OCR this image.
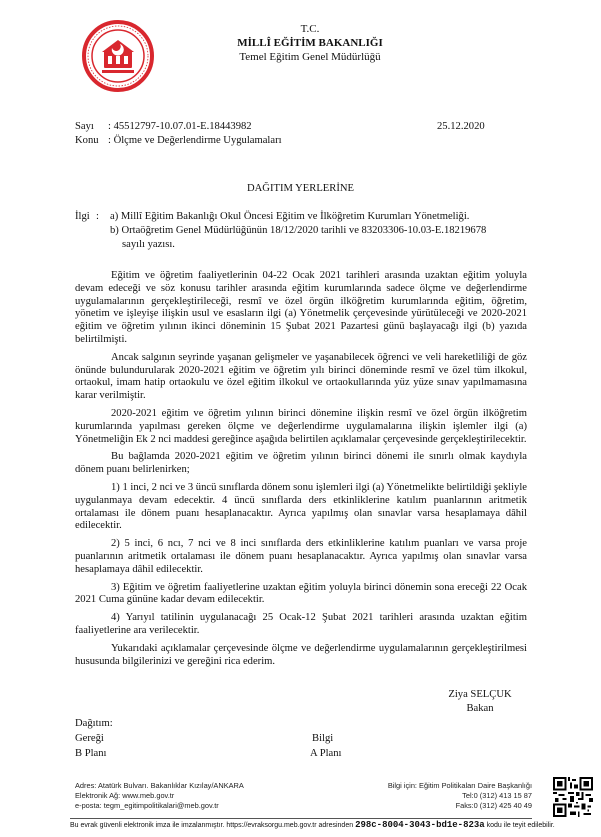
T.C.
MİLLÎ EĞİTİM BAKANLIĞI
Temel Eğitim Genel Müdürlüğü
Sayı : 45512797-10.07.01-E.18443982	25.12.2020
Konu : Ölçme ve Değerlendirme Uygulamaları
DAĞITIM YERLERİNE
İlgi : a) Millî Eğitim Bakanlığı Okul Öncesi Eğitim ve İlköğretim Kurumları Yönetmeliği.
b) Ortaöğretim Genel Müdürlüğünün 18/12/2020 tarihli ve 83203306-10.03-E.18219678
sayılı yazısı.

Eğitim ve öğretim faaliyetlerinin 04-22 Ocak 2021 tarihleri arasında uzaktan eğitim yoluyla devam edeceği ve söz konusu tarihler arasında eğitim kurumlarında sadece ölçme ve değerlendirme uygulamalarının gerçekleştirileceği, resmî ve özel örgün ilköğretim kurumlarında eğitim, öğretim, yönetim ve işleyişe ilişkin usul ve esasların ilgi (a) Yönetmelik çerçevesinde yürütüleceği ve 2020-2021 eğitim ve öğretim yılının ikinci döneminin 15 Şubat 2021 Pazartesi günü başlayacağı ilgi (b) yazıda belirtilmişti.

Ancak salgının seyrinde yaşanan gelişmeler ve yaşanabilecek öğrenci ve veli hareketliliği de göz önünde bulundurularak 2020-2021 eğitim ve öğretim yılı birinci döneminde resmî ve özel tüm ilkokul, ortaokul, imam hatip ortaokulu ve özel eğitim ilkokul ve ortaokullarında yüz yüze sınav yapılmamasına karar verilmiştir.

2020-2021 eğitim ve öğretim yılının birinci dönemine ilişkin resmî ve özel örgün ilköğretim kurumlarında yapılması gereken ölçme ve değerlendirme uygulamalarına ilişkin işlemler ilgi (a) Yönetmeliğin Ek 2 nci maddesi gereğince aşağıda belirtilen açıklamalar çerçevesinde gerçekleştirilecektir.

Bu bağlamda 2020-2021 eğitim ve öğretim yılının birinci dönemi ile sınırlı olmak kaydıyla dönem puanı belirlenirken;

1) 1 inci, 2 nci ve 3 üncü sınıflarda dönem sonu işlemleri ilgi (a) Yönetmelikte belirtildiği şekliyle uygulanmaya devam edecektir. 4 üncü sınıflarda ders etkinliklerine katılım puanlarının aritmetik ortalaması ile dönem puanı hesaplanacaktır. Ayrıca yapılmış olan sınavlar varsa hesaplamaya dâhil edilecektir.

2) 5 inci, 6 ncı, 7 nci ve 8 inci sınıflarda ders etkinliklerine katılım puanları ve varsa proje puanlarının aritmetik ortalaması ile dönem puanı hesaplanacaktır. Ayrıca yapılmış olan sınavlar varsa hesaplamaya dâhil edilecektir.

3) Eğitim ve öğretim faaliyetlerine uzaktan eğitim yoluyla birinci dönemin sona ereceği 22 Ocak 2021 Cuma gününe kadar devam edilecektir.

4) Yarıyıl tatilinin uygulanacağı 25 Ocak-12 Şubat 2021 tarihleri arasında uzaktan eğitim faaliyetlerine ara verilecektir.

Yukarıdaki açıklamalar çerçevesinde ölçme ve değerlendirme uygulamalarının gerçekleştirilmesi hususunda bilgilerinizi ve gereğini rica ederim.

Ziya SELÇUK
Bakan
Dağıtım:
Gereği
B Planı
Bilgi
A Planı
Adres: Atatürk Bulvarı. Bakanlıklar Kızılay/ANKARA
Elektronik Ağ: www.meb.gov.tr
e-posta: tegm_egitimpolitikalari@meb.gov.tr
Bilgi için: Eğitim Politikaları Daire Başkanlığı
Tel:0 (312) 413 15 87
Faks:0 (312) 425 40 49
Bu evrak güvenli elektronik imza ile imzalanmıştır. https://evraksorgu.meb.gov.tr adresinden 298c-8004-3043-bd1e-823a kodu ile teyit edilebilir.
